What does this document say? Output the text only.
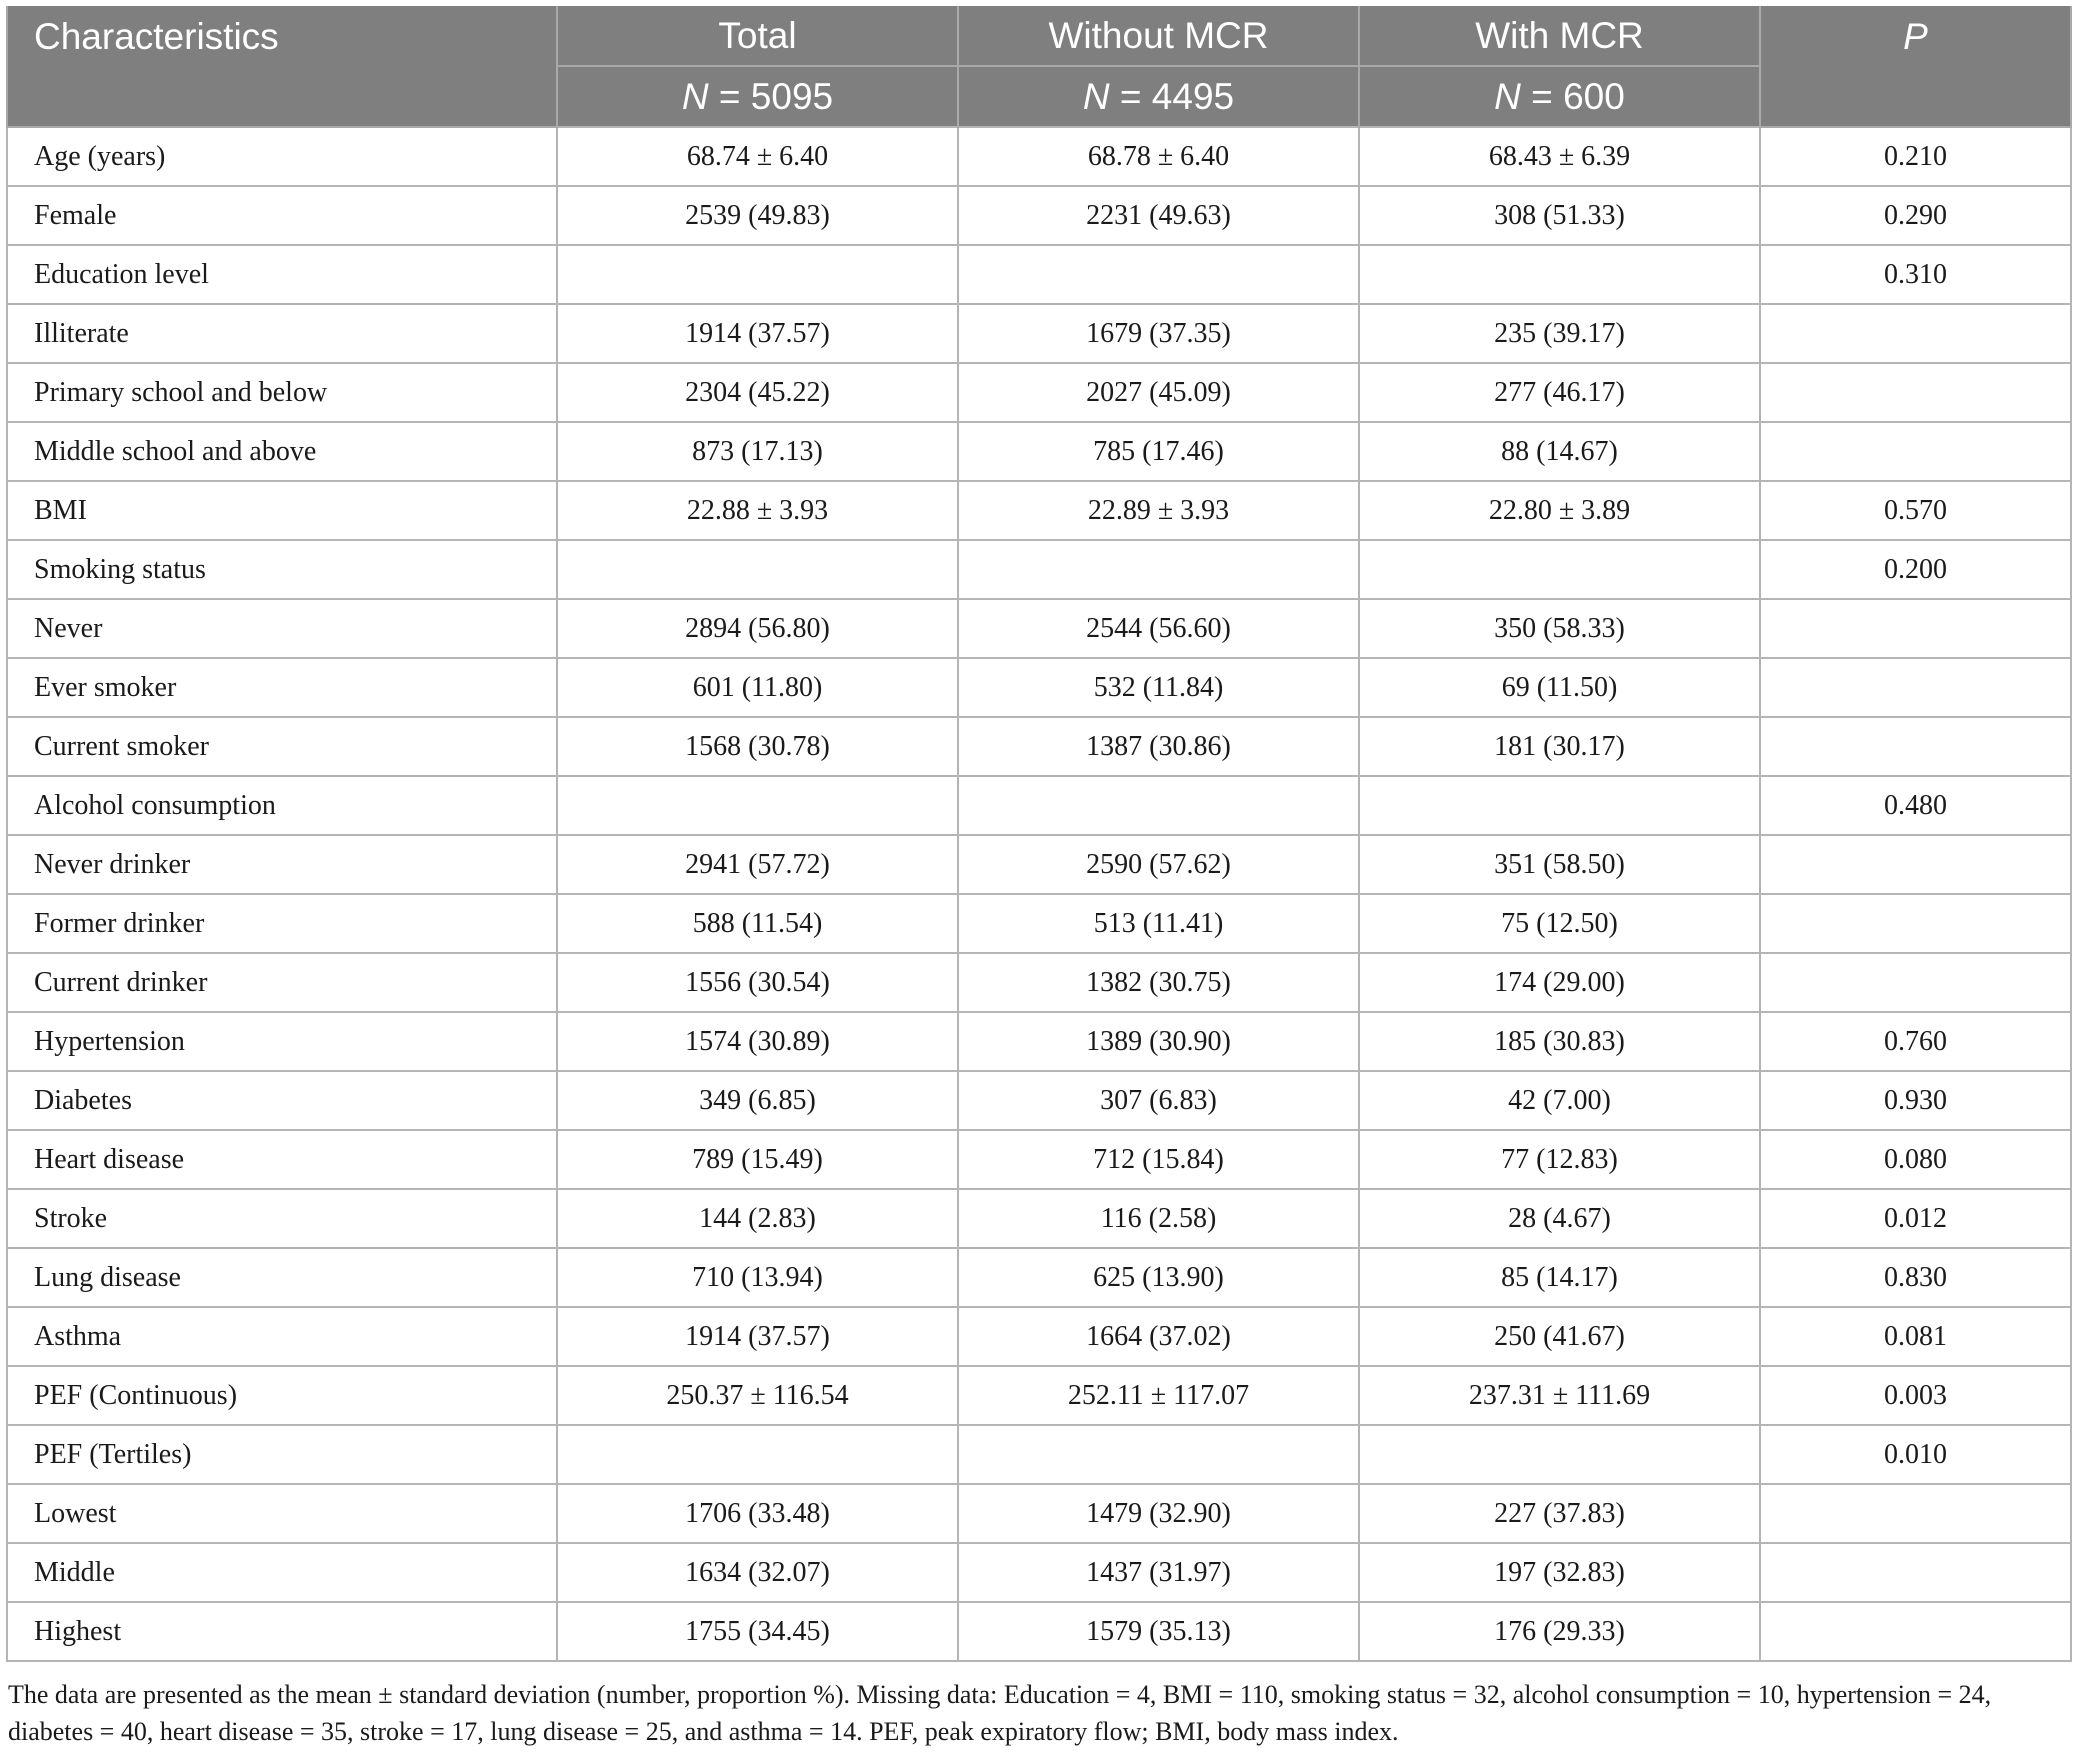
Characteristics	Total	Without MCR	With MCR	P
	N = 5095	N = 4495	N = 600	
Age (years)	68.74 ± 6.40	68.78 ± 6.40	68.43 ± 6.39	0.210
Female	2539 (49.83)	2231 (49.63)	308 (51.33)	0.290
Education level				0.310
Illiterate	1914 (37.57)	1679 (37.35)	235 (39.17)	
Primary school and below	2304 (45.22)	2027 (45.09)	277 (46.17)	
Middle school and above	873 (17.13)	785 (17.46)	88 (14.67)	
BMI	22.88 ± 3.93	22.89 ± 3.93	22.80 ± 3.89	0.570
Smoking status				0.200
Never	2894 (56.80)	2544 (56.60)	350 (58.33)	
Ever smoker	601 (11.80)	532 (11.84)	69 (11.50)	
Current smoker	1568 (30.78)	1387 (30.86)	181 (30.17)	
Alcohol consumption				0.480
Never drinker	2941 (57.72)	2590 (57.62)	351 (58.50)	
Former drinker	588 (11.54)	513 (11.41)	75 (12.50)	
Current drinker	1556 (30.54)	1382 (30.75)	174 (29.00)	
Hypertension	1574 (30.89)	1389 (30.90)	185 (30.83)	0.760
Diabetes	349 (6.85)	307 (6.83)	42 (7.00)	0.930
Heart disease	789 (15.49)	712 (15.84)	77 (12.83)	0.080
Stroke	144 (2.83)	116 (2.58)	28 (4.67)	0.012
Lung disease	710 (13.94)	625 (13.90)	85 (14.17)	0.830
Asthma	1914 (37.57)	1664 (37.02)	250 (41.67)	0.081
PEF (Continuous)	250.37 ± 116.54	252.11 ± 117.07	237.31 ± 111.69	0.003
PEF (Tertiles)				0.010
Lowest	1706 (33.48)	1479 (32.90)	227 (37.83)	
Middle	1634 (32.07)	1437 (31.97)	197 (32.83)	
Highest	1755 (34.45)	1579 (35.13)	176 (29.33)	
The data are presented as the mean ± standard deviation (number, proportion %). Missing data: Education = 4, BMI = 110, smoking status = 32, alcohol consumption = 10, hypertension = 24,
diabetes = 40, heart disease = 35, stroke = 17, lung disease = 25, and asthma = 14. PEF, peak expiratory flow; BMI, body mass index.
